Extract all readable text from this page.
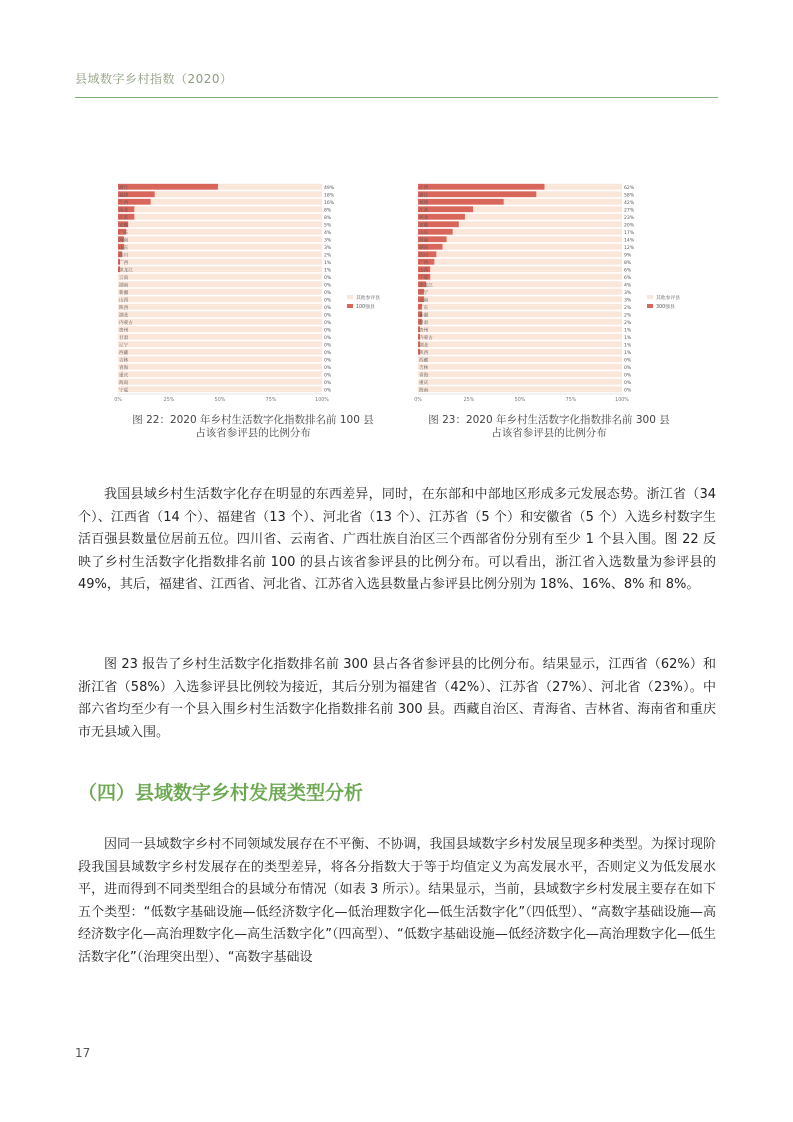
县域数字乡村指数（2020）
浙江	49%
福建	18%
江西	16%
河北	8%
江苏	8%
安徽	5%
广东	4%
河南	3%
山东	3%
四川	2%
广西	1%
黑龙江	1%
云南	0%
湖南	0%
新疆	0%
山西	0%
陕西	0%
湖北	0%
内蒙古	0%
贵州	0%
甘肃	0%
辽宁	0%
西藏	0%
吉林	0%
青海	0%
重庆	0%
海南	0%
宁夏	0%
0%	25%	50%	75%	100%
其他参评县
100强县
图 22：2020 年乡村生活数字化指数排名前 100 县
占该省参评县的比例分布
江西	62%
浙江	58%
福建	42%
江苏	27%
河北	23%
安徽	20%
山东	17%
河南	14%
湖南	12%
四川	9%
广西	8%
山西	6%
宁夏	6%
黑龙江	4%
辽宁	3%
云南	3%
广东	2%
新疆	2%
甘肃	2%
贵州	1%
内蒙古	1%
湖北	1%
陕西	1%
西藏	0%
吉林	0%
青海	0%
重庆	0%
海南	0%
0%	25%	50%	75%	100%
其他参评县
300强县
图 23：2020 年乡村生活数字化指数排名前 300 县
占该省参评县的比例分布

我国县域乡村生活数字化存在明显的东西差异，同时，在东部和中部地区形成多元发展态势。浙江省（34 个）、江西省（14 个）、福建省（13 个）、河北省（13 个）、江苏省（5 个）和安徽省（5 个）入选乡村数字生活百强县数量位居前五位。四川省、云南省、广西壮族自治区三个西部省份分别有至少 1 个县入围。图 22 反映了乡村生活数字化指数排名前 100 的县占该省参评县的比例分布。可以看出，浙江省入选数量为参评县的 49%，其后，福建省、江西省、河北省、江苏省入选县数量占参评县比例分别为 18%、16%、8% 和 8%。

图 23 报告了乡村生活数字化指数排名前 300 县占各省参评县的比例分布。结果显示，江西省（62%）和浙江省（58%）入选参评县比例较为接近，其后分别为福建省（42%）、江苏省（27%）、河北省（23%）。中部六省均至少有一个县入围乡村生活数字化指数排名前 300 县。西藏自治区、青海省、吉林省、海南省和重庆市无县域入围。

（四）县域数字乡村发展类型分析

因同一县域数字乡村不同领域发展存在不平衡、不协调，我国县域数字乡村发展呈现多种类型。为探讨现阶段我国县域数字乡村发展存在的类型差异，将各分指数大于等于均值定义为高发展水平，否则定义为低发展水平，进而得到不同类型组合的县域分布情况（如表 3 所示）。结果显示，当前，县域数字乡村发展主要存在如下五个类型：“低数字基础设施—低经济数字化—低治理数字化—低生活数字化”（四低型）、“高数字基础设施—高经济数字化—高治理数字化—高生活数字化”（四高型）、“低数字基础设施—低经济数字化—高治理数字化—低生活数字化”（治理突出型）、“高数字基础设

17
